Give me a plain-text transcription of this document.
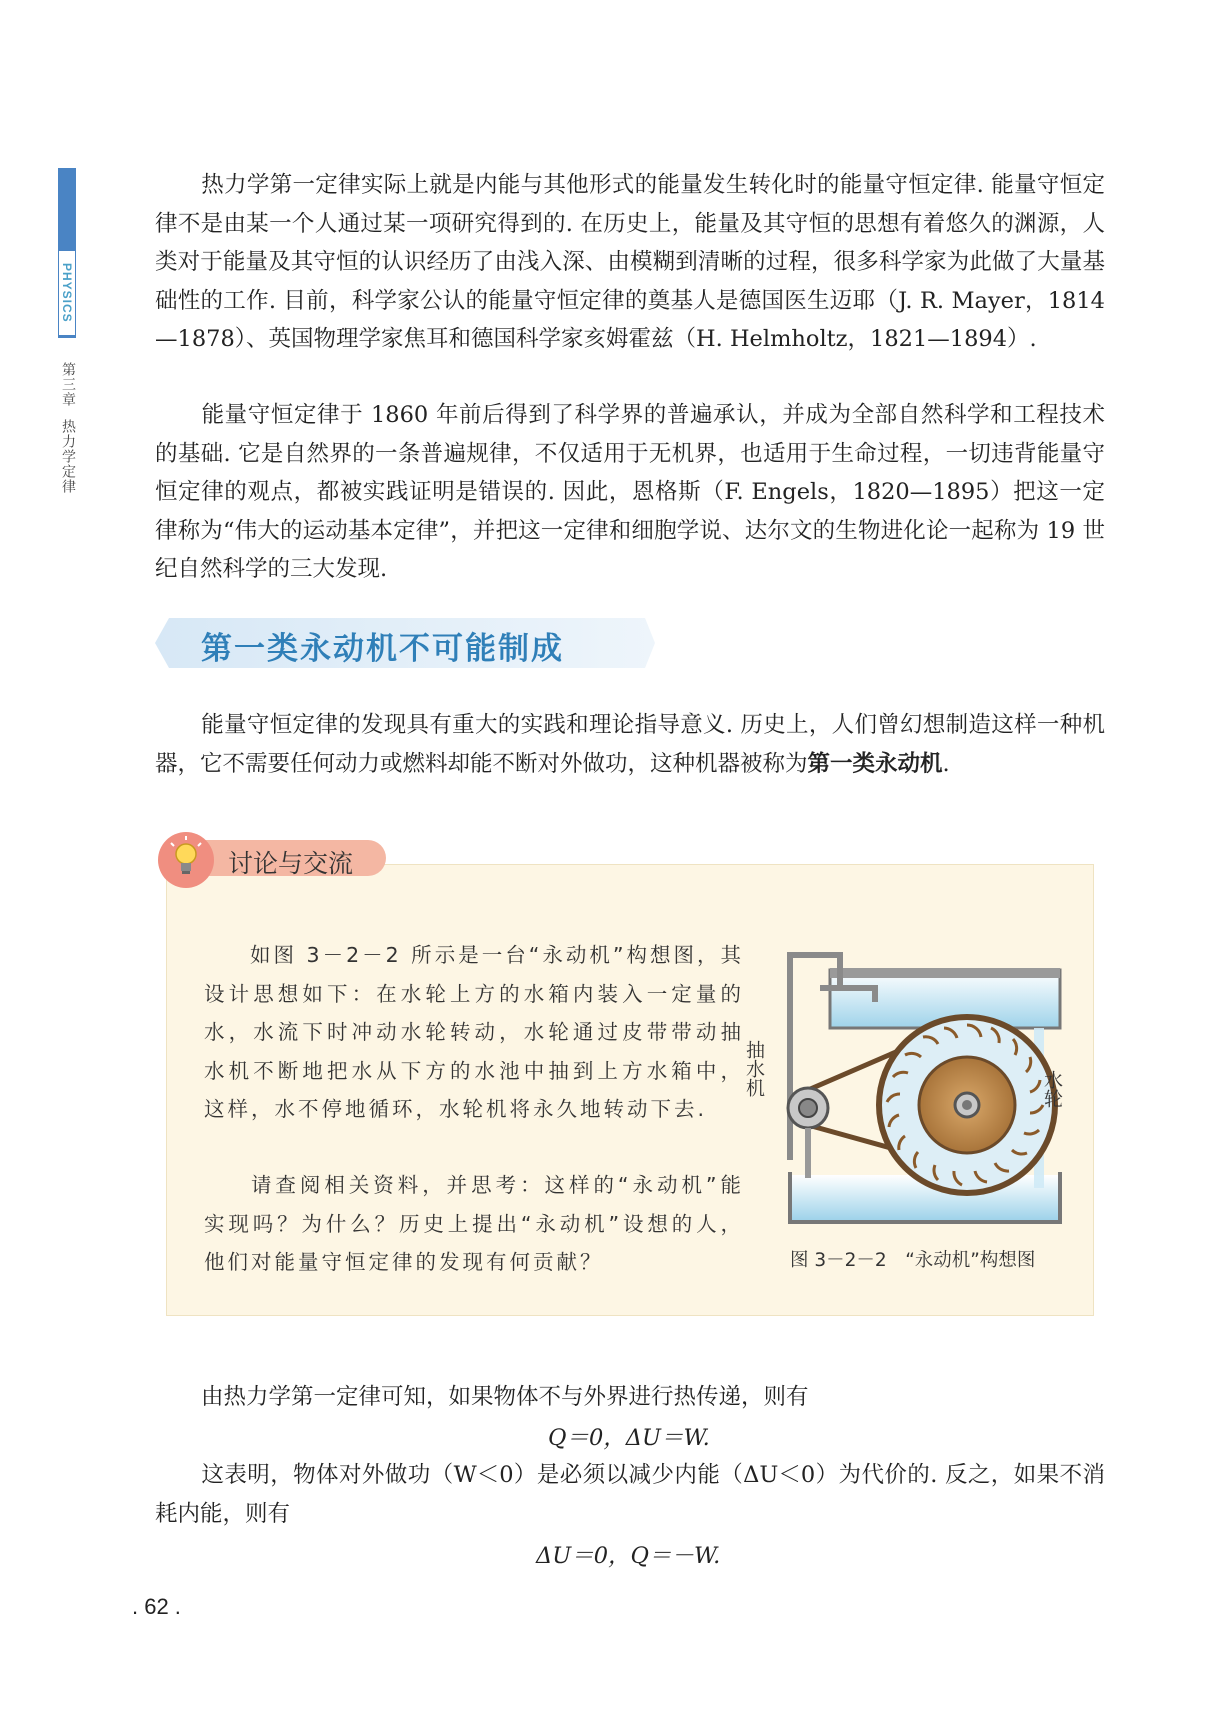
PHYSICS
第三章热力学定律

热力学第一定律实际上就是内能与其他形式的能量发生转化时的能量守恒定律. 能量守恒定律不是由某一个人通过某一项研究得到的. 在历史上，能量及其守恒的思想有着悠久的渊源，人类对于能量及其守恒的认识经历了由浅入深、由模糊到清晰的过程，很多科学家为此做了大量基础性的工作. 目前，科学家公认的能量守恒定律的奠基人是德国医生迈耶（J. R. Mayer，1814—1878）、英国物理学家焦耳和德国科学家亥姆霍兹（H. Helmholtz，1821—1894）.

能量守恒定律于 1860 年前后得到了科学界的普遍承认，并成为全部自然科学和工程技术的基础. 它是自然界的一条普遍规律，不仅适用于无机界，也适用于生命过程，一切违背能量守恒定律的观点，都被实践证明是错误的. 因此，恩格斯（F. Engels，1820—1895）把这一定律称为“伟大的运动基本定律”，并把这一定律和细胞学说、达尔文的生物进化论一起称为 19 世纪自然科学的三大发现.

第一类永动机不可能制成

能量守恒定律的发现具有重大的实践和理论指导意义. 历史上，人们曾幻想制造这样一种机器，它不需要任何动力或燃料却能不断对外做功，这种机器被称为第一类永动机.

讨论与交流

如图 3－2－2 所示是一台“永动机”构想图，其设计思想如下：在水轮上方的水箱内装入一定量的水，水流下时冲动水轮转动，水轮通过皮带带动抽水机不断地把水从下方的水池中抽到上方水箱中，这样，水不停地循环，水轮机将永久地转动下去.

请查阅相关资料，并思考：这样的“永动机”能实现吗？为什么？历史上提出“永动机”设想的人，他们对能量守恒定律的发现有何贡献？

抽水机	水轮
图 3－2－2　“永动机”构想图

由热力学第一定律可知，如果物体不与外界进行热传递，则有

Q＝0，ΔU＝W.

这表明，物体对外做功（W＜0）是必须以减少内能（ΔU＜0）为代价的. 反之，如果不消耗内能，则有

ΔU＝0，Q＝－W.
. 62 .
